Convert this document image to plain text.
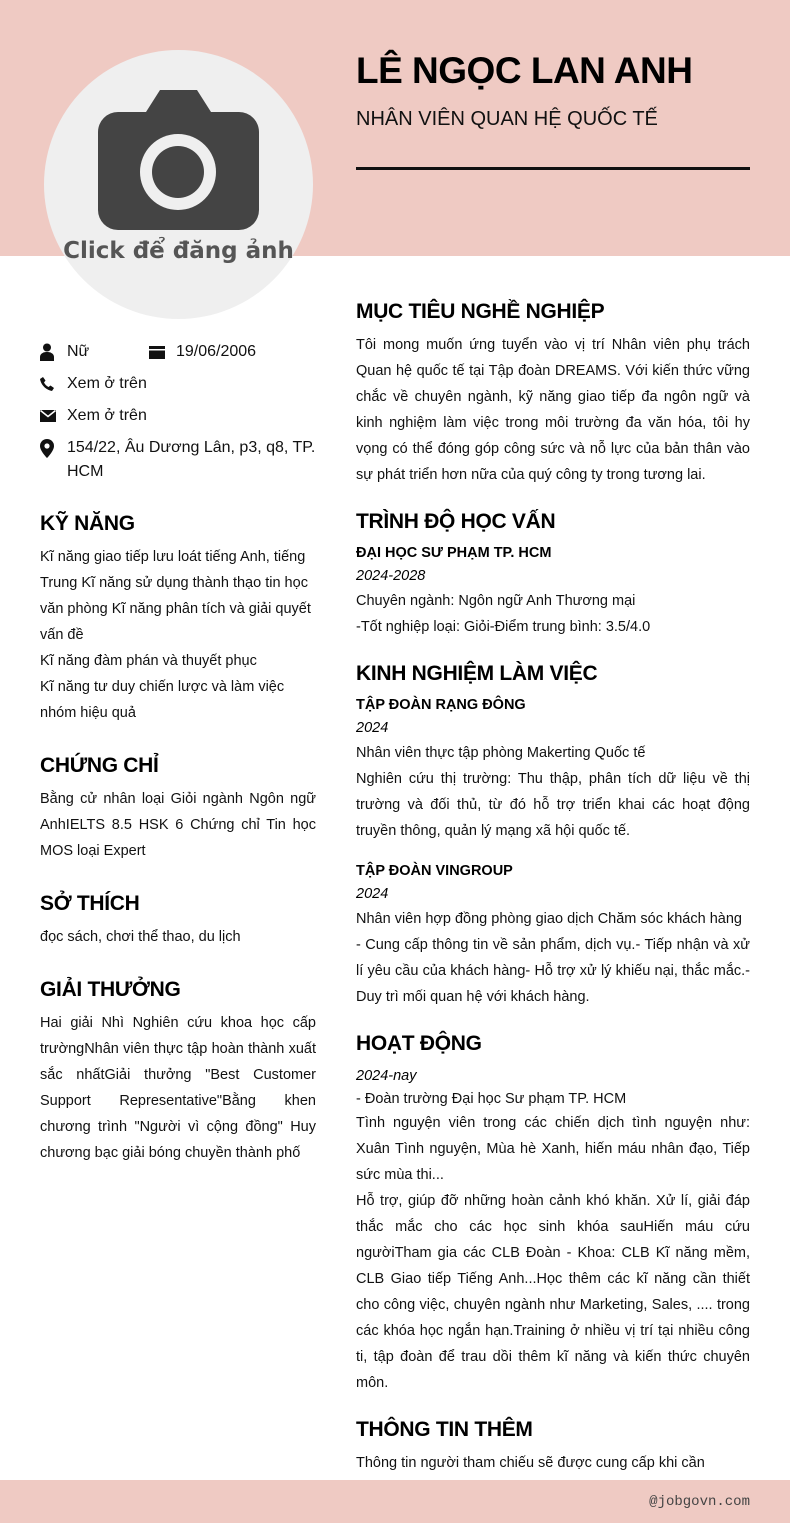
Click để đăng ảnh
LÊ NGỌC LAN ANH
NHÂN VIÊN QUAN HỆ QUỐC TẾ
Nữ	19/06/2006
Xem ở trên
Xem ở trên
154/22, Âu Dương Lân, p3, q8, TP. HCM
KỸ NĂNG
Kĩ năng giao tiếp lưu loát tiếng Anh, tiếng Trung Kĩ năng sử dụng thành thạo tin học văn phòng Kĩ năng phân tích và giải quyết vấn đề
Kĩ năng đàm phán và thuyết phục
Kĩ năng tư duy chiến lược và làm việc nhóm hiệu quả
CHỨNG CHỈ
Bằng cử nhân loại Giỏi ngành Ngôn ngữ AnhIELTS 8.5 HSK 6 Chứng chỉ Tin học MOS loại Expert
SỞ THÍCH
đọc sách, chơi thể thao, du lịch
GIẢI THƯỞNG
Hai giải Nhì Nghiên cứu khoa học cấp trườngNhân viên thực tập hoàn thành xuất sắc nhấtGiải thưởng "Best Customer Support Representative"Bằng khen chương trình "Người vì cộng đồng" Huy chương bạc giải bóng chuyền thành phố
MỤC TIÊU NGHỀ NGHIỆP
Tôi mong muốn ứng tuyển vào vị trí Nhân viên phụ trách Quan hệ quốc tế tại Tập đoàn DREAMS. Với kiến thức vững chắc về chuyên ngành, kỹ năng giao tiếp đa ngôn ngữ và kinh nghiệm làm việc trong môi trường đa văn hóa, tôi hy vọng có thể đóng góp công sức và nỗ lực của bản thân vào sự phát triển hơn nữa của quý công ty trong tương lai.
TRÌNH ĐỘ HỌC VẤN
ĐẠI HỌC SƯ PHẠM TP. HCM
2024-2028
Chuyên ngành: Ngôn ngữ Anh Thương mại
-Tốt nghiệp loại: Giỏi-Điểm trung bình: 3.5/4.0
KINH NGHIỆM LÀM VIỆC
TẬP ĐOÀN RẠNG ĐÔNG
2024
Nhân viên thực tập phòng Makerting Quốc tế
Nghiên cứu thị trường: Thu thập, phân tích dữ liệu về thị trường và đối thủ, từ đó hỗ trợ triển khai các hoạt động truyền thông, quản lý mạng xã hội quốc tế.
TẬP ĐOÀN VINGROUP
2024
Nhân viên hợp đồng phòng giao dịch Chăm sóc khách hàng
- Cung cấp thông tin về sản phẩm, dịch vụ.- Tiếp nhận và xử lí yêu cầu của khách hàng- Hỗ trợ xử lý khiếu nại, thắc mắc.- Duy trì mối quan hệ với khách hàng.
HOẠT ĐỘNG
2024-nay
- Đoàn trường Đại học Sư phạm TP. HCM
Tình nguyện viên trong các chiến dịch tình nguyện như: Xuân Tình nguyện, Mùa hè Xanh, hiến máu nhân đạo, Tiếp sức mùa thi...
Hỗ trợ, giúp đỡ những hoàn cảnh khó khăn. Xử lí, giải đáp thắc mắc cho các học sinh khóa sauHiến máu cứu ngườiTham gia các CLB Đoàn - Khoa: CLB Kĩ năng mềm, CLB Giao tiếp Tiếng Anh...Học thêm các kĩ năng cần thiết cho công việc, chuyên ngành như Marketing, Sales, .... trong các khóa học ngắn hạn.Training ở nhiều vị trí tại nhiều công ti, tập đoàn để trau dồi thêm kĩ năng và kiến thức chuyên môn.
THÔNG TIN THÊM
Thông tin người tham chiếu sẽ được cung cấp khi cần
@jobgovn.com
